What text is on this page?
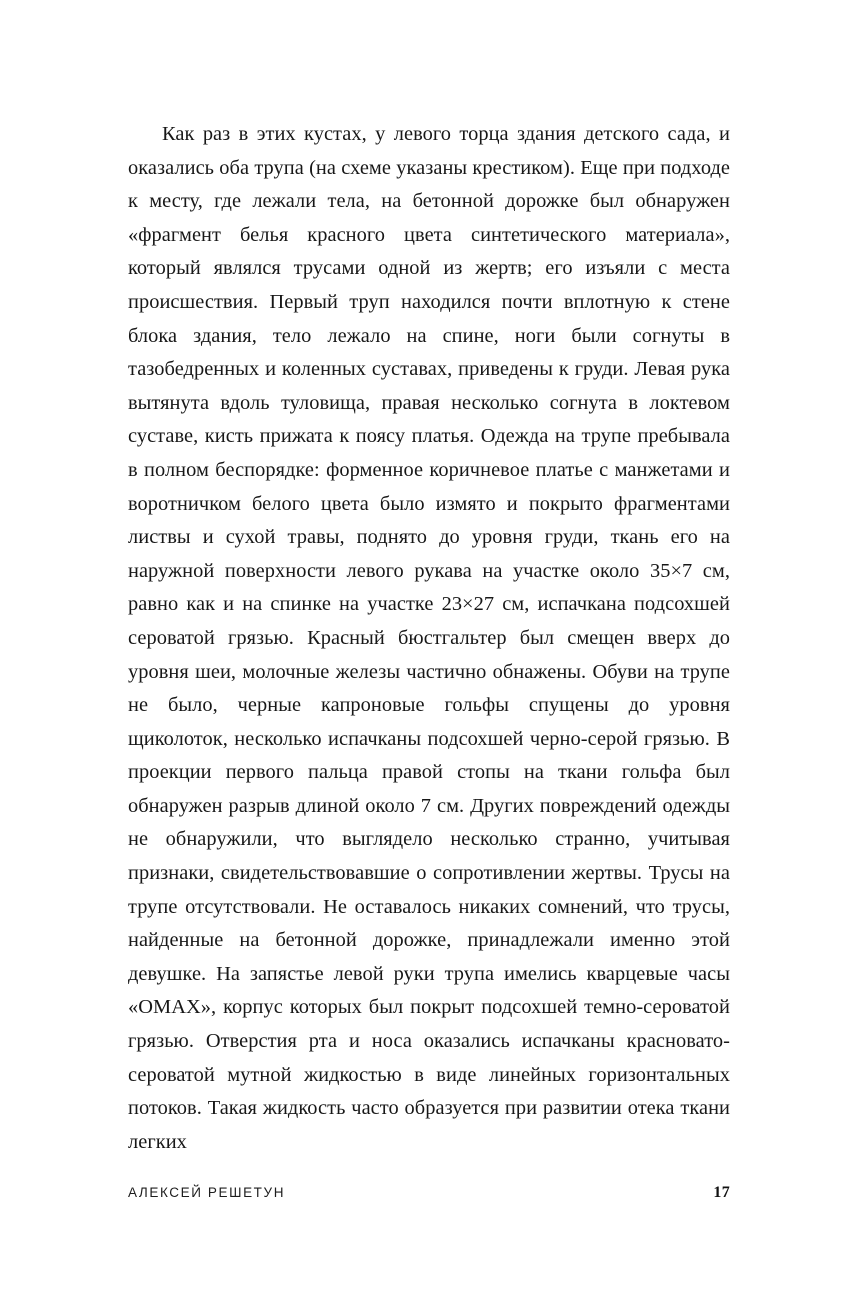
Как раз в этих кустах, у левого торца здания детского сада, и оказались оба трупа (на схеме указаны крестиком). Еще при подходе к месту, где лежали тела, на бетонной дорожке был обнаружен «фрагмент белья красного цвета синтетического материала», который являлся трусами одной из жертв; его изъяли с места происшествия. Первый труп находился почти вплотную к стене блока здания, тело лежало на спине, ноги были согнуты в тазобедренных и коленных суставах, приведены к груди. Левая рука вытянута вдоль туловища, правая несколько согнута в локтевом суставе, кисть прижата к поясу платья. Одежда на трупе пребывала в полном беспорядке: форменное коричневое платье с манжетами и воротничком белого цвета было измято и покрыто фрагментами листвы и сухой травы, поднято до уровня груди, ткань его на наружной поверхности левого рукава на участке около 35×7 см, равно как и на спинке на участке 23×27 см, испачкана подсохшей сероватой грязью. Красный бюстгальтер был смещен вверх до уровня шеи, молочные железы частично обнажены. Обуви на трупе не было, черные капроновые гольфы спущены до уровня щиколоток, несколько испачканы подсохшей черно-серой грязью. В проекции первого пальца правой стопы на ткани гольфа был обнаружен разрыв длиной около 7 см. Других повреждений одежды не обнаружили, что выглядело несколько странно, учитывая признаки, свидетельствовавшие о сопротивлении жертвы. Трусы на трупе отсутствовали. Не оставалось никаких сомнений, что трусы, найденные на бетонной дорожке, принадлежали именно этой девушке. На запястье левой руки трупа имелись кварцевые часы «OMAX», корпус которых был покрыт подсохшей темно-сероватой грязью. Отверстия рта и носа оказались испачканы красновато-сероватой мутной жидкостью в виде линейных горизонтальных потоков. Такая жидкость часто образуется при развитии отека ткани легких

АЛЕКСЕЙ РЕШЕТУН	17
